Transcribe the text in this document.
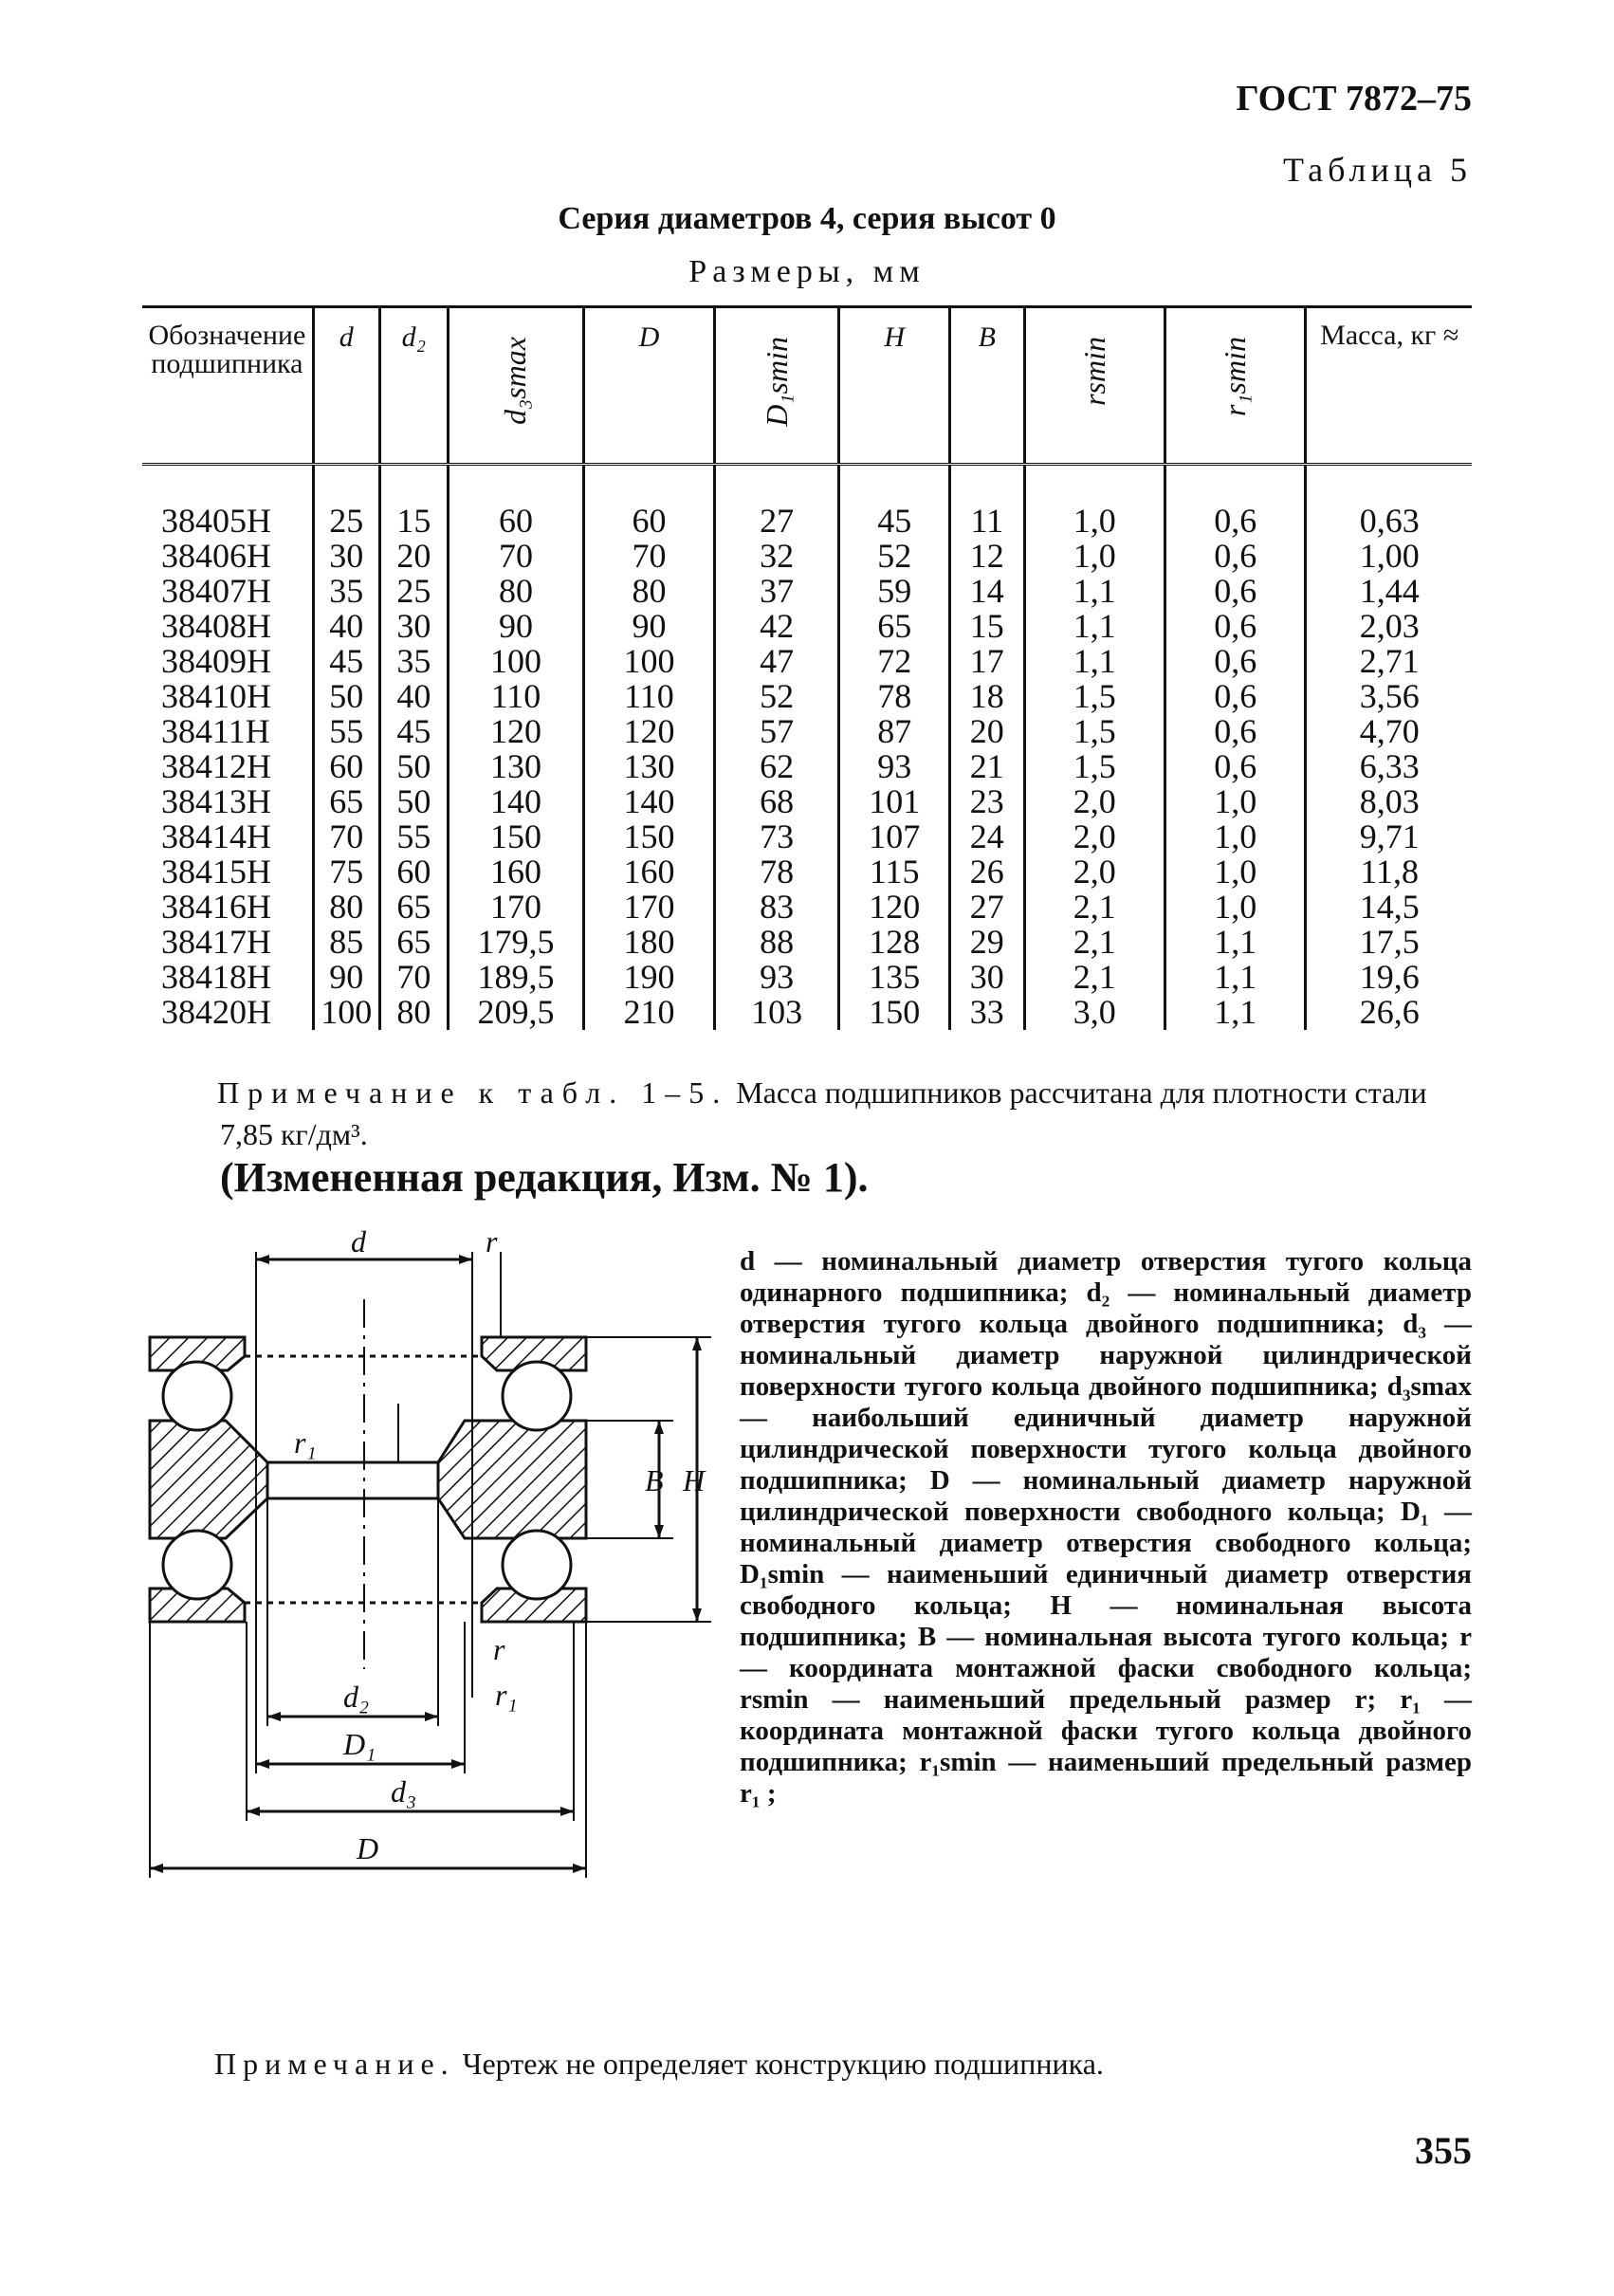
ГОСТ 7872–75
Таблица 5
Серия диаметров 4, серия высот 0
Размеры, мм
Обозначение подшипника	d	d₂	d₃smax	D	D₁smin	H	B	rsmin	r₁smin	Масса, кг ≈
38405Н	25	15	60	60	27	45	11	1,0	0,6	0,63
38406Н	30	20	70	70	32	52	12	1,0	0,6	1,00
38407Н	35	25	80	80	37	59	14	1,1	0,6	1,44
38408Н	40	30	90	90	42	65	15	1,1	0,6	2,03
38409Н	45	35	100	100	47	72	17	1,1	0,6	2,71
38410Н	50	40	110	110	52	78	18	1,5	0,6	3,56
38411Н	55	45	120	120	57	87	20	1,5	0,6	4,70
38412Н	60	50	130	130	62	93	21	1,5	0,6	6,33
38413Н	65	50	140	140	68	101	23	2,0	1,0	8,03
38414Н	70	55	150	150	73	107	24	2,0	1,0	9,71
38415Н	75	60	160	160	78	115	26	2,0	1,0	11,8
38416Н	80	65	170	170	83	120	27	2,1	1,0	14,5
38417Н	85	65	179,5	180	88	128	29	2,1	1,1	17,5
38418Н	90	70	189,5	190	93	135	30	2,1	1,1	19,6
38420Н	100	80	209,5	210	103	150	33	3,0	1,1	26,6
Примечание к табл. 1–5. Масса подшипников рассчитана для плотности стали 7,85 кг/дм³.
(Измененная редакция, Изм. № 1).
d	r
r₁
B H
r
r₁
d₂
D₁
d₃
D
d — номинальный диаметр отверстия тугого кольца одинарного подшипника; d₂ — номинальный диаметр отверстия тугого кольца двойного подшипника; d₃ — номинальный диаметр наружной цилиндрической поверхности тугого кольца двойного подшипника; d₃smax — наибольший единичный диаметр наружной цилиндрической поверхности тугого кольца двойного подшипника; D — номинальный диаметр наружной цилиндрической поверхности свободного кольца; D₁ — номинальный диаметр отверстия свободного кольца; D₁smin — наименьший единичный диаметр отверстия свободного кольца; H — номинальная высота подшипника; B — номинальная высота тугого кольца; r — координата монтажной фаски свободного кольца; rsmin — наименьший предельный размер r; r₁ — координата монтажной фаски тугого кольца двойного подшипника; r₁smin — наименьший предельный размер r₁ ;
Примечание. Чертеж не определяет конструкцию подшипника.
355
